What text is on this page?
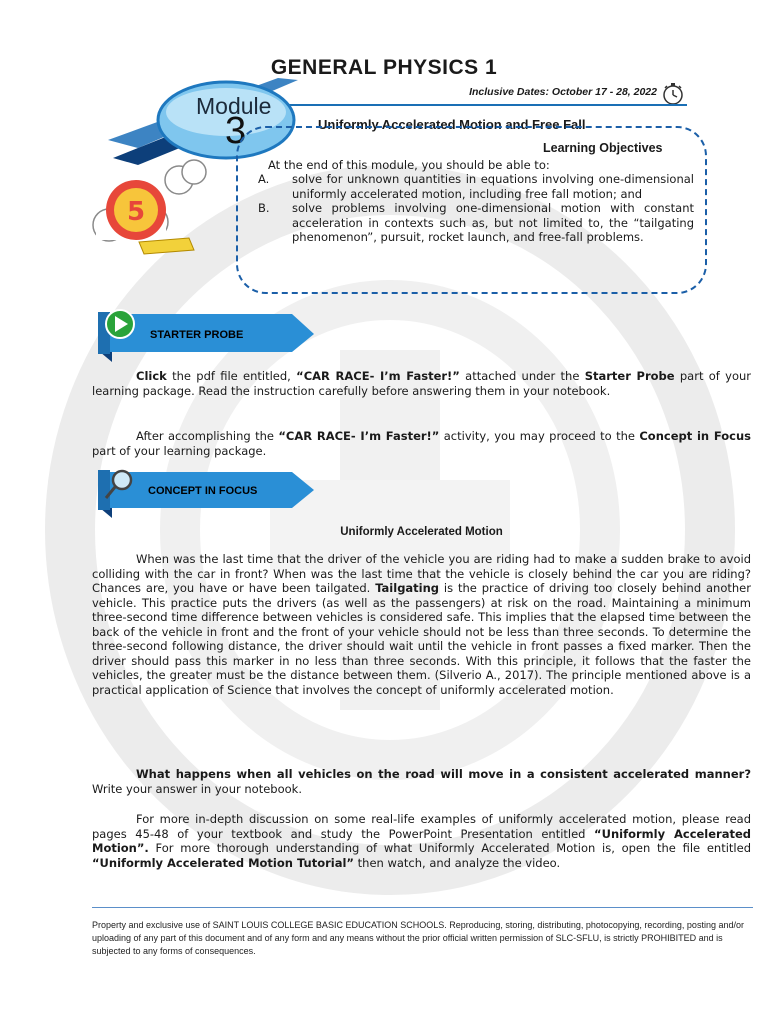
GENERAL PHYSICS 1
Inclusive Dates: October 17 - 28, 2022
Module
3	Uniformly Accelerated Motion and Free Fall
Learning Objectives
At the end of this module, you should be able to:
A.	solve for unknown quantities in equations involving one-dimensional uniformly accelerated motion, including free fall motion; and
B.	solve problems involving one-dimensional motion with constant acceleration in contexts such as, but not limited to, the “tailgating phenomenon”, pursuit, rocket launch, and free-fall problems.
5
STARTER PROBE
Click the pdf file entitled, “CAR RACE- I’m Faster!” attached under the Starter Probe part of your learning package. Read the instruction carefully before answering them in your notebook.
After accomplishing the “CAR RACE- I’m Faster!” activity, you may proceed to the Concept in Focus part of your learning package.
CONCEPT IN FOCUS
Uniformly Accelerated Motion
When was the last time that the driver of the vehicle you are riding had to make a sudden brake to avoid colliding with the car in front? When was the last time that the vehicle is closely behind the car you are riding? Chances are, you have or have been tailgated. Tailgating is the practice of driving too closely behind another vehicle. This practice puts the drivers (as well as the passengers) at risk on the road. Maintaining a minimum three-second time difference between vehicles is considered safe. This implies that the elapsed time between the back of the vehicle in front and the front of your vehicle should not be less than three seconds. To determine the three-second following distance, the driver should wait until the vehicle in front passes a fixed marker. Then the driver should pass this marker in no less than three seconds. With this principle, it follows that the faster the vehicles, the greater must be the distance between them. (Silverio A., 2017). The principle mentioned above is a practical application of Science that involves the concept of uniformly accelerated motion.
What happens when all vehicles on the road will move in a consistent accelerated manner? Write your answer in your notebook.
For more in-depth discussion on some real-life examples of uniformly accelerated motion, please read pages 45-48 of your textbook and study the PowerPoint Presentation entitled “Uniformly Accelerated Motion”. For more thorough understanding of what Uniformly Accelerated Motion is, open the file entitled “Uniformly Accelerated Motion Tutorial” then watch, and analyze the video.
Property and exclusive use of SAINT LOUIS COLLEGE BASIC EDUCATION SCHOOLS. Reproducing, storing, distributing, photocopying, recording, posting and/or uploading of any part of this document and of any form and any means without the prior official written permission of SLC-SFLU, is strictly PROHIBITED and is subjected to any forms of consequences.
